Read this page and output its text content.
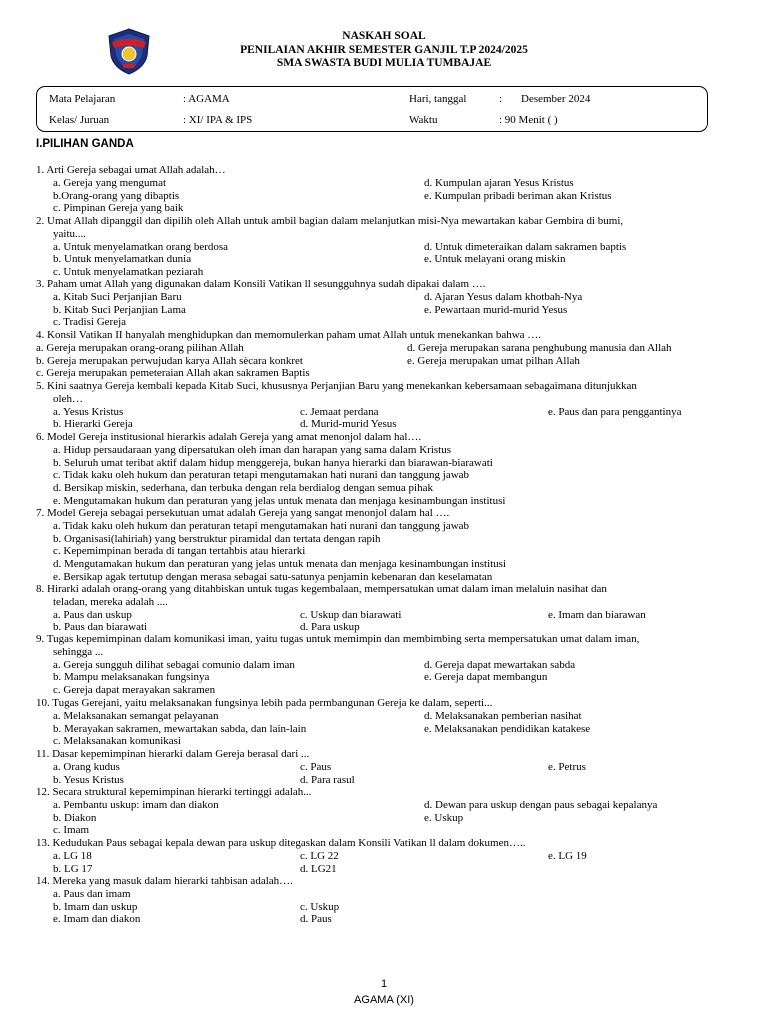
NASKAH SOAL
PENILAIAN AKHIR SEMESTER GANJIL T.P 2024/2025
SMA SWASTA BUDI MULIA TUMBAJAE
Mata Pelajaran	: AGAMA	Hari, tanggal	: Desember 2024
Kelas/ Juruan	: XI/ IPA & IPS	Waktu	: 90 Menit ( )
I.PILIHAN GANDA
1. Arti Gereja sebagai umat Allah adalah…
a. Gereja yang mengumat	d. Kumpulan ajaran Yesus Kristus
b.Orang-orang yang dibaptis	e. Kumpulan pribadi beriman akan Kristus
c. Pimpinan Gereja yang baik
2. Umat Allah dipanggil dan dipilih oleh Allah untuk ambil bagian dalam melanjutkan misi-Nya mewartakan kabar Gembira di bumi,
yaitu....
a. Untuk menyelamatkan orang berdosa	d. Untuk dimeteraikan dalam sakramen baptis
b. Untuk menyelamatkan dunia	e. Untuk melayani orang miskin
c. Untuk menyelamatkan peziarah
3. Paham umat Allah yang digunakan dalam Konsili Vatikan ll sesungguhnya sudah dipakai dalam ….
a. Kitab Suci Perjanjian Baru	d. Ajaran Yesus dalam khotbah-Nya
b. Kitab Suci Perjanjian Lama	e. Pewartaan murid-murid Yesus
c. Tradisi Gereja
4. Konsil Vatikan II hanyalah menghidupkan dan memomulerkan paham umat Allah untuk menekankan bahwa ….
a. Gereja merupakan orang-orang pilihan Allah	d. Gereja merupakan sarana penghubung manusia dan Allah
b. Gereja merupakan perwujudan karya Allah sècara konkret	e. Gereja merupakan umat pilhan Allah
c. Gereja merupakan pemeteraian Allah akan sakramen Baptis
5. Kini saatnya Gereja kembali kepada Kitab Suci, khususnya Perjanjian Baru yang menekankan kebersamaan sebagaimana ditunjukkan
oleh…
a. Yesus Kristus	c. Jemaat perdana	e. Paus dan para penggantinya
b. Hierarki Gereja	d. Murid-murid Yesus
6. Model Gereja institusional hierarkis adalah Gereja yang amat menonjol dalam hal….
a. Hidup persaudaraan yang dipersatukan oleh iman dan harapan yang sama dalam Kristus
b. Seluruh umat teribat aktif dalam hidup menggereja, bukan hanya hierarki dan biarawan-biarawati
c. Tidak kaku oleh hukum dan peraturan tetapi mengutamakan hati nurani dan tanggung jawab
d. Bersikap miskin, sederhana, dan terbuka dengan rela berdialog dengan semua pihak
e. Mengutamakan hukum dan peraturan yang jelas untuk menata dan menjaga kesinambungan institusi
7. Model Gereja sebagai persekutuan umat adalah Gereja yang sangat menonjol dalam hal ….
a. Tidak kaku oleh hukum dan peraturan tetapi mengutamakan hati nurani dan tanggung jawab
b. Organisasi(lahiriah) yang berstruktur piramidal dan tertata dengan rapih
c. Kepemimpinan berada di tangan tertahbis atau hierarki
d. Mengutamakan hukum dan peraturan yang jelas untuk menata dan menjaga kesinambungan institusi
e. Bersikap agak tertutup dengan merasa sebagai satu-satunya penjamin kebenaran dan keselamatan
8. Hirarki adalah orang-orang yang ditahbiskan untuk tugas kegembalaan, mempersatukan umat dalam iman melaluin nasihat dan
teladan, mereka adalah ....
a. Paus dan uskup	c. Uskup dan biarawati	e. Imam dan biarawan
b. Paus dan biarawati	d. Para uskup
9. Tugas kepemimpinan dalam komunikasi iman, yaitu tugas untuk memimpin dan membimbing serta mempersatukan umat dalam iman,
sehingga ...
a. Gereja sungguh dilihat sebagai comunio dalam iman	d. Gereja dapat mewartakan sabda
b. Mampu melaksanakan fungsinya	e. Gereja dapat membangun
c. Gereja dapat merayakan sakramen
10. Tugas Gerejani, yaitu melaksanakan fungsinya lebih pada permbangunan Gereja ke dalam, seperti...
a. Melaksanakan semangat pelayanan	d. Melaksanakan pemberian nasihat
b. Merayakan sakramen, mewartakan sabda, dan lain-lain	e. Melaksanakan pendidikan katakese
c. Melaksanakan komunikasi
11. Dasar kepemimpinan hierarki dalam Gereja berasal dari ...
a. Orang kudus	c. Paus	e. Petrus
b. Yesus Kristus	d. Para rasul
12. Secara struktural kepemimpinan hierarki tertinggi adalah...
a. Pembantu uskup: imam dan diakon	d. Dewan para uskup dengan paus sebagai kepalanya
b. Diakon	e. Uskup
c. Imam
13. Kedudukan Paus sebagai kepala dewan para uskup ditegaskan dalam Konsili Vatikan ll dalam dokumen…..
a. LG 18	c. LG 22	e. LG 19
b. LG 17	d. LG21
14. Mereka yang masuk dalam hierarki tahbisan adalah….
a. Paus dan imam
b. Imam dan uskup	c. Uskup
e. Imam dan diakon	d. Paus
1
AGAMA (XI)
